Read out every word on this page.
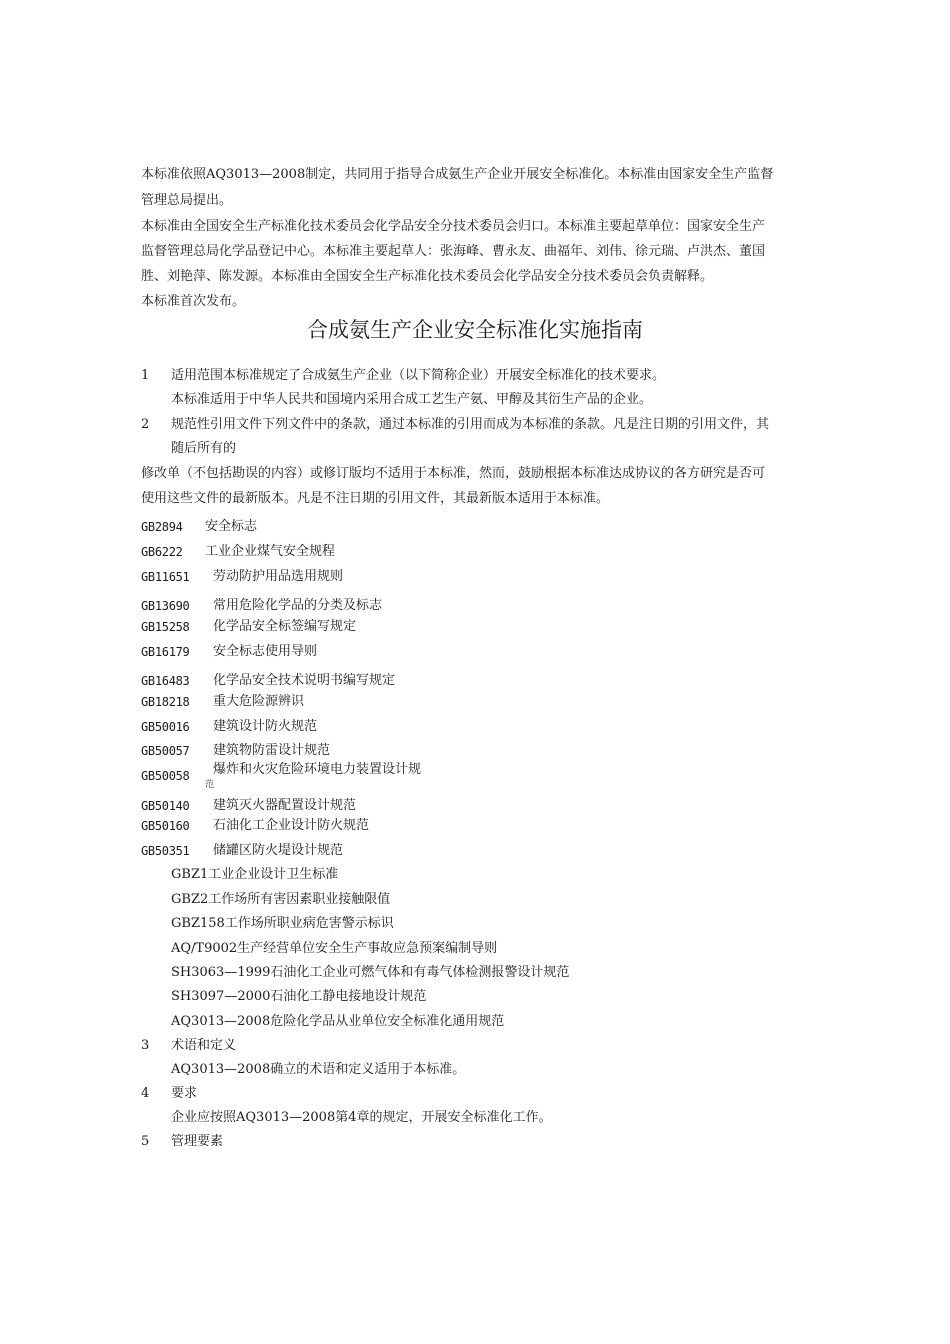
本标准依照AQ3013—2008制定，共同用于指导合成氨生产企业开展安全标准化。本标准由国家安全生产监督
管理总局提出。
本标准由全国安全生产标准化技术委员会化学品安全分技术委员会归口。本标准主要起草单位：国家安全生产
监督管理总局化学品登记中心。本标准主要起草人：张海峰、曹永友、曲福年、刘伟、徐元瑞、卢洪杰、董国
胜、刘艳萍、陈发源。本标准由全国安全生产标准化技术委员会化学品安全分技术委员会负责解释。
本标准首次发布。
合成氨生产企业安全标准化实施指南
1 适用范围本标准规定了合成氨生产企业（以下简称企业）开展安全标准化的技术要求。
本标准适用于中华人民共和国境内采用合成工艺生产氨、甲醇及其衍生产品的企业。
2 规范性引用文件下列文件中的条款，通过本标准的引用而成为本标准的条款。凡是注日期的引用文件，其
随后所有的
修改单（不包括勘误的内容）或修订版均不适用于本标准，然而，鼓励根据本标准达成协议的各方研究是否可
使用这些文件的最新版本。凡是不注日期的引用文件，其最新版本适用于本标准。
GB2894 安全标志
GB6222 工业企业煤气安全规程
GB11651 劳动防护用品选用规则
GB13690 常用危险化学品的分类及标志
GB15258 化学品安全标签编写规定
GB16179 安全标志使用导则
GB16483 化学品安全技术说明书编写规定
GB18218 重大危险源辨识
GB50016 建筑设计防火规范
GB50057 建筑物防雷设计规范
GB50058 爆炸和火灾危险环境电力装置设计规
范
GB50140 建筑灭火器配置设计规范
GB50160 石油化工企业设计防火规范
GB50351 储罐区防火堤设计规范
GBZ1工业企业设计卫生标准
GBZ2工作场所有害因素职业接触限值
GBZ158工作场所职业病危害警示标识
AQ/T9002生产经营单位安全生产事故应急预案编制导则
SH3063—1999石油化工企业可燃气体和有毒气体检测报警设计规范
SH3097—2000石油化工静电接地设计规范
AQ3013—2008危险化学品从业单位安全标准化通用规范
3 术语和定义
AQ3013—2008确立的术语和定义适用于本标准。
4 要求
企业应按照AQ3013—2008第4章的规定，开展安全标准化工作。
5 管理要素
